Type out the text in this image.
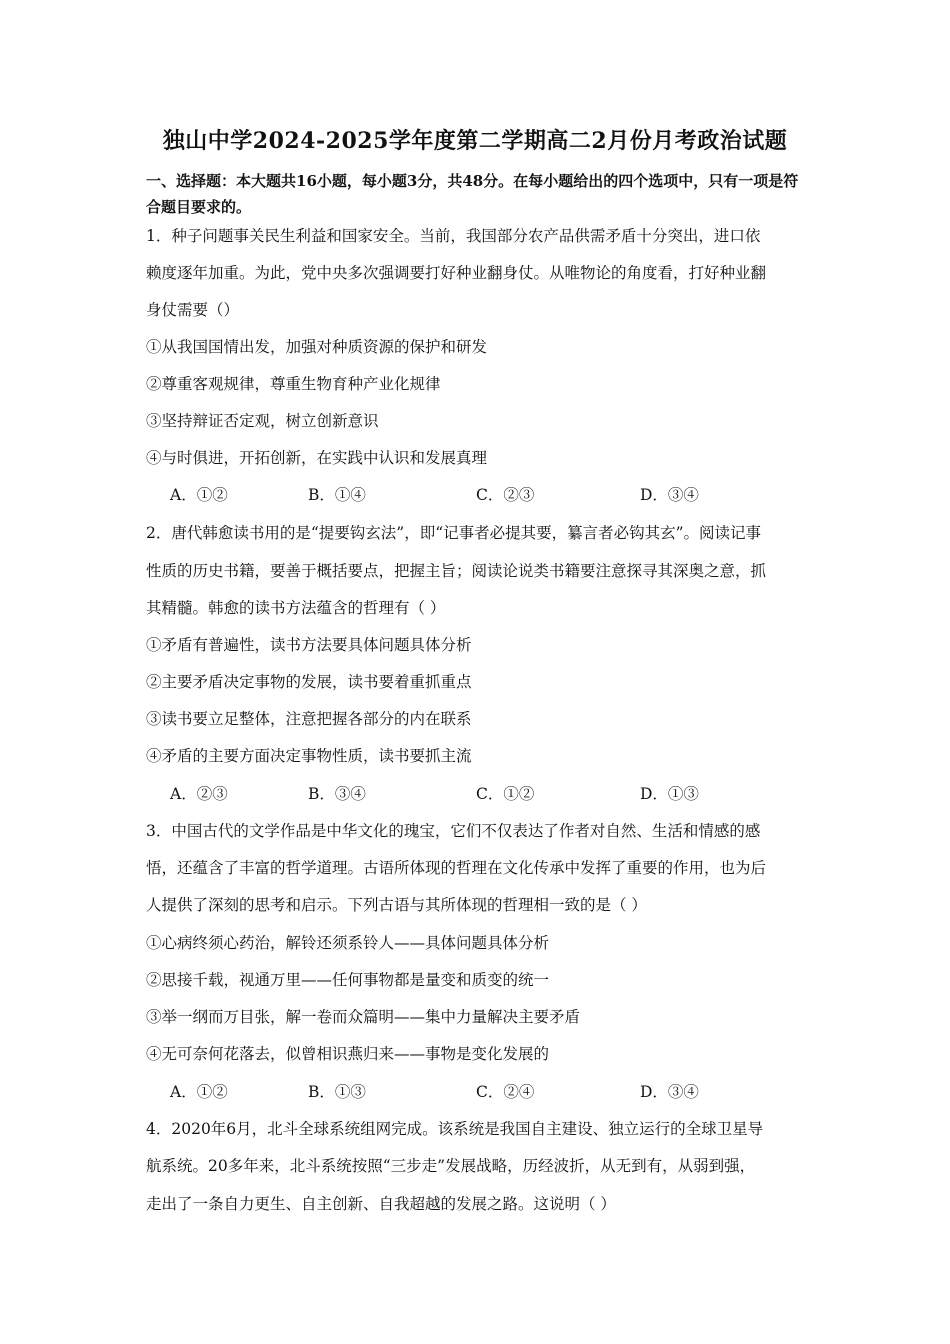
独山中学2024-2025学年度第二学期高二2月份月考政治试题
一、选择题：本大题共16小题，每小题3分，共48分。在每小题给出的四个选项中，只有一项是符合题目要求的。
1．种子问题事关民生利益和国家安全。当前，我国部分农产品供需矛盾十分突出，进口依
赖度逐年加重。为此，党中央多次强调要打好种业翻身仗。从唯物论的角度看，打好种业翻
身仗需要（）
①从我国国情出发，加强对种质资源的保护和研发
②尊重客观规律，尊重生物育种产业化规律
③坚持辩证否定观，树立创新意识
④与时俱进，开拓创新，在实践中认识和发展真理
A．①②	B．①④	C．②③	D．③④
2．唐代韩愈读书用的是“提要钩玄法”，即“记事者必提其要，纂言者必钩其玄”。阅读记事
性质的历史书籍，要善于概括要点，把握主旨；阅读论说类书籍要注意探寻其深奥之意，抓
其精髓。韩愈的读书方法蕴含的哲理有（ ）
①矛盾有普遍性，读书方法要具体问题具体分析
②主要矛盾决定事物的发展，读书要着重抓重点
③读书要立足整体，注意把握各部分的内在联系
④矛盾的主要方面决定事物性质，读书要抓主流
A．②③	B．③④	C．①②	D．①③
3．中国古代的文学作品是中华文化的瑰宝，它们不仅表达了作者对自然、生活和情感的感
悟，还蕴含了丰富的哲学道理。古语所体现的哲理在文化传承中发挥了重要的作用，也为后
人提供了深刻的思考和启示。下列古语与其所体现的哲理相一致的是（ ）
①心病终须心药治，解铃还须系铃人——具体问题具体分析
②思接千载，视通万里——任何事物都是量变和质变的统一
③举一纲而万目张，解一卷而众篇明——集中力量解决主要矛盾
④无可奈何花落去，似曾相识燕归来——事物是变化发展的
A．①②	B．①③	C．②④	D．③④
4．2020年6月，北斗全球系统组网完成。该系统是我国自主建设、独立运行的全球卫星导
航系统。20多年来，北斗系统按照“三步走”发展战略，历经波折，从无到有，从弱到强，
走出了一条自力更生、自主创新、自我超越的发展之路。这说明（ ）
